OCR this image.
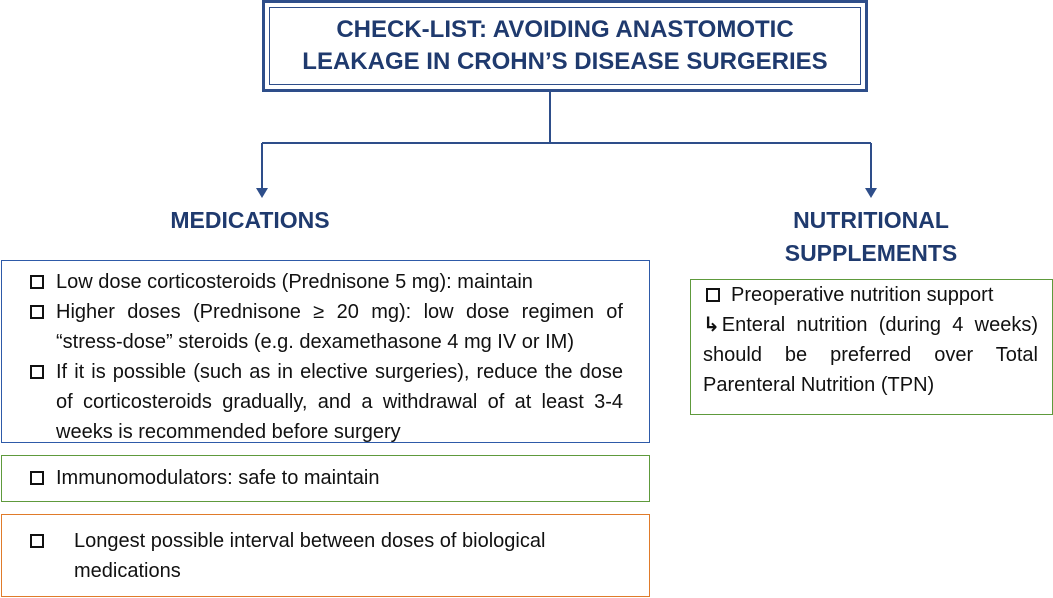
CHECK-LIST: AVOIDING ANASTOMOTIC LEAKAGE IN CROHN’S DISEASE SURGERIES
MEDICATIONS	NUTRITIONAL SUPPLEMENTS
Low dose corticosteroids (Prednisone 5 mg): maintain
Higher doses (Prednisone ≥ 20 mg): low dose regimen of “stress-dose” steroids (e.g. dexamethasone 4 mg IV or IM)
If it is possible (such as in elective surgeries), reduce the dose of corticosteroids gradually, and a withdrawal of at least 3-4 weeks is recommended before surgery
Immunomodulators: safe to maintain
Longest possible interval between doses of biological medications
Preoperative nutrition support
↳ Enteral nutrition (during 4 weeks) should be preferred over Total Parenteral Nutrition (TPN)
